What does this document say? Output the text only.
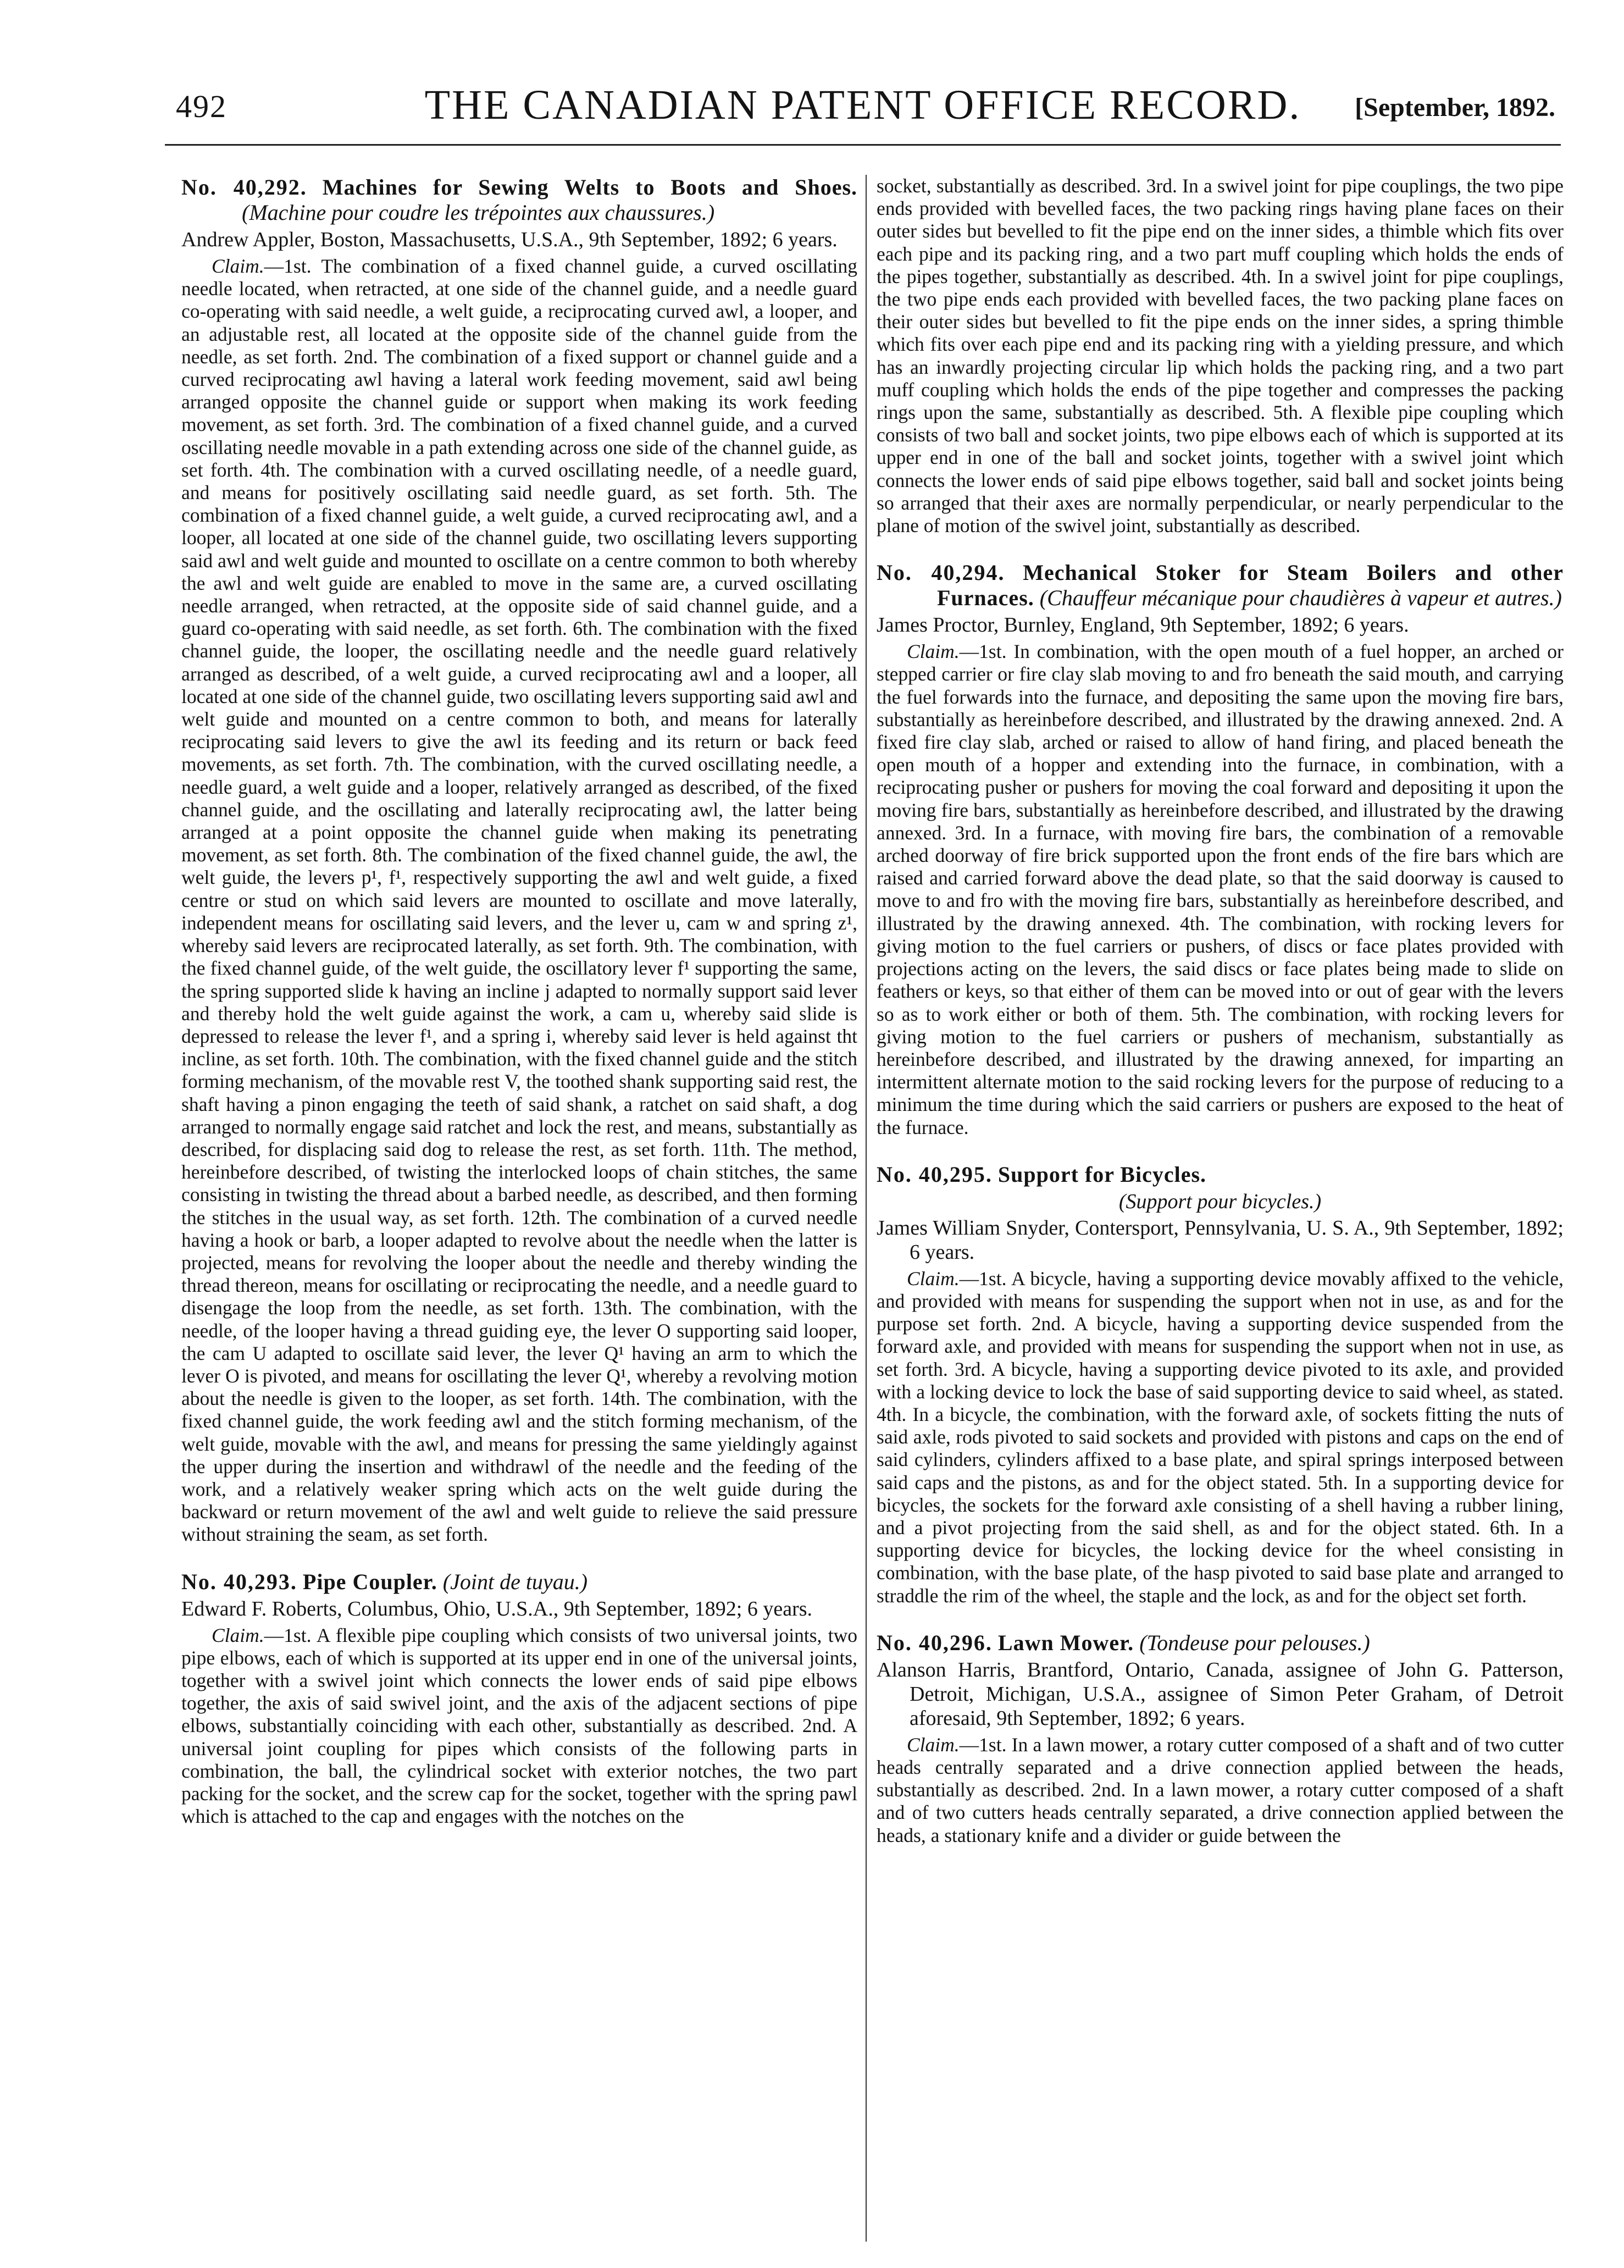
492	THE CANADIAN PATENT OFFICE RECORD.	[September, 1892.

No. 40,292. Machines for Sewing Welts to Boots and Shoes. (Machine pour coudre les trépointes aux chaussures.)

Andrew Appler, Boston, Massachusetts, U.S.A., 9th September, 1892; 6 years.

Claim.—1st. The combination of a fixed channel guide, a curved oscillating needle located, when retracted, at one side of the channel guide, and a needle guard co-operating with said needle, a welt guide, a reciprocating curved awl, a looper, and an adjustable rest, all located at the opposite side of the channel guide from the needle, as set forth. 2nd. The combination of a fixed support or channel guide and a curved reciprocating awl having a lateral work feeding movement, said awl being arranged opposite the channel guide or support when making its work feeding movement, as set forth. 3rd. The combination of a fixed channel guide, and a curved oscillating needle movable in a path extending across one side of the channel guide, as set forth. 4th. The combination with a curved oscillating needle, of a needle guard, and means for positively oscillating said needle guard, as set forth. 5th. The combination of a fixed channel guide, a welt guide, a curved reciprocating awl, and a looper, all located at one side of the channel guide, two oscillating levers supporting said awl and welt guide and mounted to oscillate on a centre common to both whereby the awl and welt guide are enabled to move in the same are, a curved oscillating needle arranged, when retracted, at the opposite side of said channel guide, and a guard co-operating with said needle, as set forth. 6th. The combination with the fixed channel guide, the looper, the oscillating needle and the needle guard relatively arranged as described, of a welt guide, a curved reciprocating awl and a looper, all located at one side of the channel guide, two oscillating levers supporting said awl and welt guide and mounted on a centre common to both, and means for laterally reciprocating said levers to give the awl its feeding and its return or back feed movements, as set forth. 7th. The combination, with the curved oscillating needle, a needle guard, a welt guide and a looper, relatively arranged as described, of the fixed channel guide, and the oscillating and laterally reciprocating awl, the latter being arranged at a point opposite the channel guide when making its penetrating movement, as set forth. 8th. The combination of the fixed channel guide, the awl, the welt guide, the levers p¹, f¹, respectively supporting the awl and welt guide, a fixed centre or stud on which said levers are mounted to oscillate and move laterally, independent means for oscillating said levers, and the lever u, cam w and spring z¹, whereby said levers are reciprocated laterally, as set forth. 9th. The combination, with the fixed channel guide, of the welt guide, the oscillatory lever f¹ supporting the same, the spring supported slide k having an incline j adapted to normally support said lever and thereby hold the welt guide against the work, a cam u, whereby said slide is depressed to release the lever f¹, and a spring i, whereby said lever is held against tht incline, as set forth. 10th. The combination, with the fixed channel guide and the stitch forming mechanism, of the movable rest V, the toothed shank supporting said rest, the shaft having a pinon engaging the teeth of said shank, a ratchet on said shaft, a dog arranged to normally engage said ratchet and lock the rest, and means, substantially as described, for displacing said dog to release the rest, as set forth. 11th. The method, hereinbefore described, of twisting the interlocked loops of chain stitches, the same consisting in twisting the thread about a barbed needle, as described, and then forming the stitches in the usual way, as set forth. 12th. The combination of a curved needle having a hook or barb, a looper adapted to revolve about the needle when the latter is projected, means for revolving the looper about the needle and thereby winding the thread thereon, means for oscillating or reciprocating the needle, and a needle guard to disengage the loop from the needle, as set forth. 13th. The combination, with the needle, of the looper having a thread guiding eye, the lever O supporting said looper, the cam U adapted to oscillate said lever, the lever Q¹ having an arm to which the lever O is pivoted, and means for oscillating the lever Q¹, whereby a revolving motion about the needle is given to the looper, as set forth. 14th. The combination, with the fixed channel guide, the work feeding awl and the stitch forming mechanism, of the welt guide, movable with the awl, and means for pressing the same yieldingly against the upper during the insertion and withdrawl of the needle and the feeding of the work, and a relatively weaker spring which acts on the welt guide during the backward or return movement of the awl and welt guide to relieve the said pressure without straining the seam, as set forth.

No. 40,293. Pipe Coupler. (Joint de tuyau.)

Edward F. Roberts, Columbus, Ohio, U.S.A., 9th September, 1892; 6 years.

Claim.—1st. A flexible pipe coupling which consists of two universal joints, two pipe elbows, each of which is supported at its upper end in one of the universal joints, together with a swivel joint which connects the lower ends of said pipe elbows together, the axis of said swivel joint, and the axis of the adjacent sections of pipe elbows, substantially coinciding with each other, substantially as described. 2nd. A universal joint coupling for pipes which consists of the following parts in combination, the ball, the cylindrical socket with exterior notches, the two part packing for the socket, and the screw cap for the socket, together with the spring pawl which is attached to the cap and engages with the notches on the

socket, substantially as described. 3rd. In a swivel joint for pipe couplings, the two pipe ends provided with bevelled faces, the two packing rings having plane faces on their outer sides but bevelled to fit the pipe end on the inner sides, a thimble which fits over each pipe and its packing ring, and a two part muff coupling which holds the ends of the pipes together, substantially as described. 4th. In a swivel joint for pipe couplings, the two pipe ends each provided with bevelled faces, the two packing plane faces on their outer sides but bevelled to fit the pipe ends on the inner sides, a spring thimble which fits over each pipe end and its packing ring with a yielding pressure, and which has an inwardly projecting circular lip which holds the packing ring, and a two part muff coupling which holds the ends of the pipe together and compresses the packing rings upon the same, substantially as described. 5th. A flexible pipe coupling which consists of two ball and socket joints, two pipe elbows each of which is supported at its upper end in one of the ball and socket joints, together with a swivel joint which connects the lower ends of said pipe elbows together, said ball and socket joints being so arranged that their axes are normally perpendicular, or nearly perpendicular to the plane of motion of the swivel joint, substantially as described.

No. 40,294. Mechanical Stoker for Steam Boilers and other Furnaces. (Chauffeur mécanique pour chaudières à vapeur et autres.)

James Proctor, Burnley, England, 9th September, 1892; 6 years.

Claim.—1st. In combination, with the open mouth of a fuel hopper, an arched or stepped carrier or fire clay slab moving to and fro beneath the said mouth, and carrying the fuel forwards into the furnace, and depositing the same upon the moving fire bars, substantially as hereinbefore described, and illustrated by the drawing annexed. 2nd. A fixed fire clay slab, arched or raised to allow of hand firing, and placed beneath the open mouth of a hopper and extending into the furnace, in combination, with a reciprocating pusher or pushers for moving the coal forward and depositing it upon the moving fire bars, substantially as hereinbefore described, and illustrated by the drawing annexed. 3rd. In a furnace, with moving fire bars, the combination of a removable arched doorway of fire brick supported upon the front ends of the fire bars which are raised and carried forward above the dead plate, so that the said doorway is caused to move to and fro with the moving fire bars, substantially as hereinbefore described, and illustrated by the drawing annexed. 4th. The combination, with rocking levers for giving motion to the fuel carriers or pushers, of discs or face plates provided with projections acting on the levers, the said discs or face plates being made to slide on feathers or keys, so that either of them can be moved into or out of gear with the levers so as to work either or both of them. 5th. The combination, with rocking levers for giving motion to the fuel carriers or pushers of mechanism, substantially as hereinbefore described, and illustrated by the drawing annexed, for imparting an intermittent alternate motion to the said rocking levers for the purpose of reducing to a minimum the time during which the said carriers or pushers are exposed to the heat of the furnace.

No. 40,295. Support for Bicycles.

(Support pour bicycles.)

James William Snyder, Contersport, Pennsylvania, U. S. A., 9th September, 1892; 6 years.

Claim.—1st. A bicycle, having a supporting device movably affixed to the vehicle, and provided with means for suspending the support when not in use, as and for the purpose set forth. 2nd. A bicycle, having a supporting device suspended from the forward axle, and provided with means for suspending the support when not in use, as set forth. 3rd. A bicycle, having a supporting device pivoted to its axle, and provided with a locking device to lock the base of said supporting device to said wheel, as stated. 4th. In a bicycle, the combination, with the forward axle, of sockets fitting the nuts of said axle, rods pivoted to said sockets and provided with pistons and caps on the end of said cylinders, cylinders affixed to a base plate, and spiral springs interposed between said caps and the pistons, as and for the object stated. 5th. In a supporting device for bicycles, the sockets for the forward axle consisting of a shell having a rubber lining, and a pivot projecting from the said shell, as and for the object stated. 6th. In a supporting device for bicycles, the locking device for the wheel consisting in combination, with the base plate, of the hasp pivoted to said base plate and arranged to straddle the rim of the wheel, the staple and the lock, as and for the object set forth.

No. 40,296. Lawn Mower. (Tondeuse pour pelouses.)

Alanson Harris, Brantford, Ontario, Canada, assignee of John G. Patterson, Detroit, Michigan, U.S.A., assignee of Simon Peter Graham, of Detroit aforesaid, 9th September, 1892; 6 years.

Claim.—1st. In a lawn mower, a rotary cutter composed of a shaft and of two cutter heads centrally separated and a drive connection applied between the heads, substantially as described. 2nd. In a lawn mower, a rotary cutter composed of a shaft and of two cutters heads centrally separated, a drive connection applied between the heads, a stationary knife and a divider or guide between the
